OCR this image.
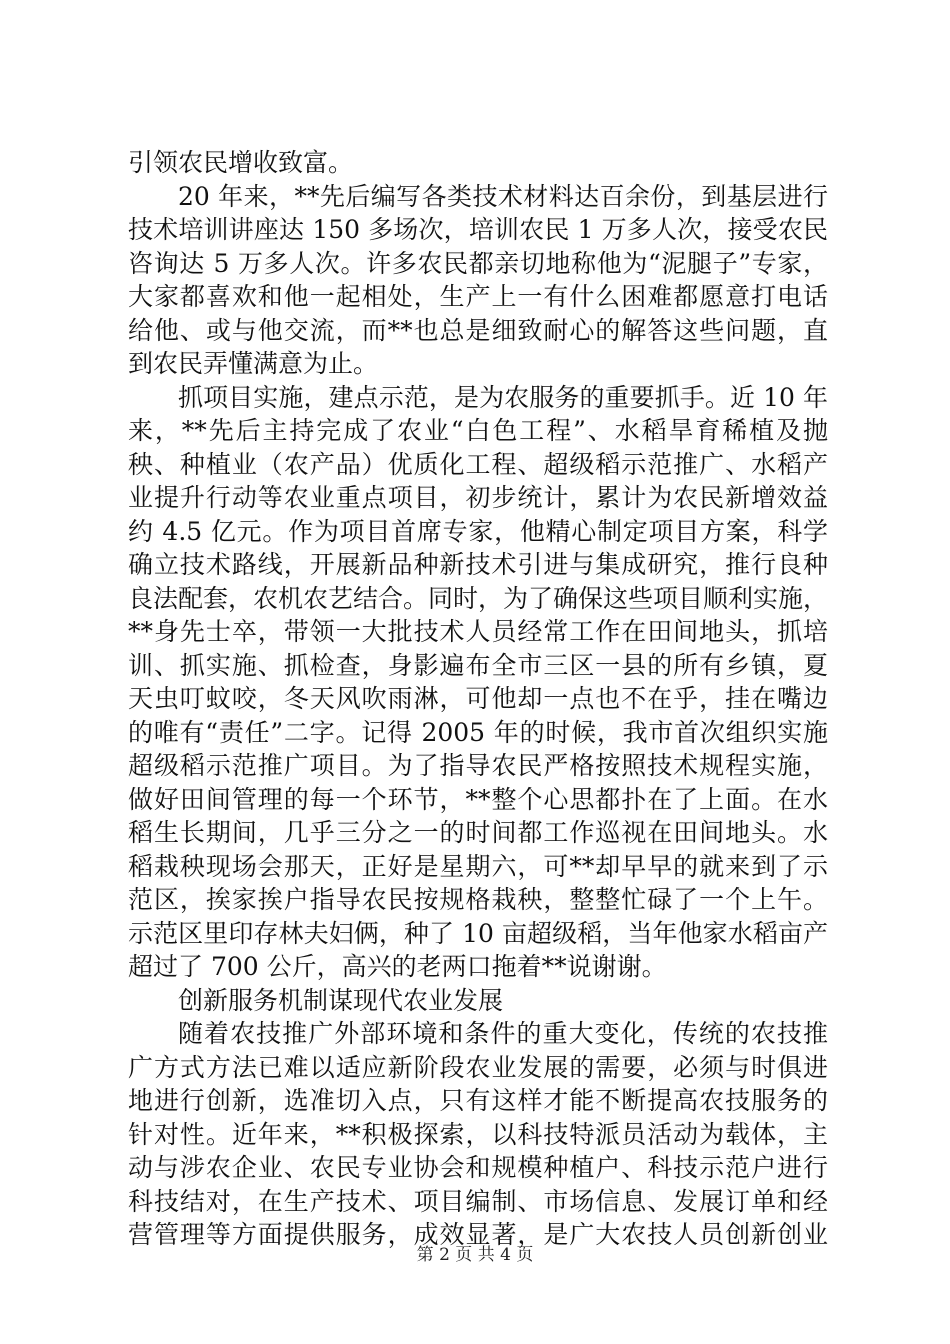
引领农民增收致富。
20 年来，**先后编写各类技术材料达百余份，到基层进行
技术培训讲座达 150 多场次，培训农民 1 万多人次，接受农民
咨询达 5 万多人次。许多农民都亲切地称他为“泥腿子”专家，
大家都喜欢和他一起相处，生产上一有什么困难都愿意打电话
给他、或与他交流，而**也总是细致耐心的解答这些问题，直
到农民弄懂满意为止。
抓项目实施，建点示范，是为农服务的重要抓手。近 10 年
来，**先后主持完成了农业“白色工程”、水稻旱育稀植及抛
秧、种植业（农产品）优质化工程、超级稻示范推广、水稻产
业提升行动等农业重点项目，初步统计，累计为农民新增效益
约 4.5 亿元。作为项目首席专家，他精心制定项目方案，科学
确立技术路线，开展新品种新技术引进与集成研究，推行良种
良法配套，农机农艺结合。同时，为了确保这些项目顺利实施，
**身先士卒，带领一大批技术人员经常工作在田间地头，抓培
训、抓实施、抓检查，身影遍布全市三区一县的所有乡镇，夏
天虫叮蚊咬，冬天风吹雨淋，可他却一点也不在乎，挂在嘴边
的唯有“责任”二字。记得 2005 年的时候，我市首次组织实施
超级稻示范推广项目。为了指导农民严格按照技术规程实施，
做好田间管理的每一个环节，**整个心思都扑在了上面。在水
稻生长期间，几乎三分之一的时间都工作巡视在田间地头。水
稻栽秧现场会那天，正好是星期六，可**却早早的就来到了示
范区，挨家挨户指导农民按规格栽秧，整整忙碌了一个上午。
示范区里印存林夫妇俩，种了 10 亩超级稻，当年他家水稻亩产
超过了 700 公斤，高兴的老两口拖着**说谢谢。
创新服务机制谋现代农业发展
随着农技推广外部环境和条件的重大变化，传统的农技推
广方式方法已难以适应新阶段农业发展的需要，必须与时俱进
地进行创新，选准切入点，只有这样才能不断提高农技服务的
针对性。近年来，**积极探索，以科技特派员活动为载体，主
动与涉农企业、农民专业协会和规模种植户、科技示范户进行
科技结对，在生产技术、项目编制、市场信息、发展订单和经
营管理等方面提供服务，成效显著，是广大农技人员创新创业
第 2 页 共 4 页
